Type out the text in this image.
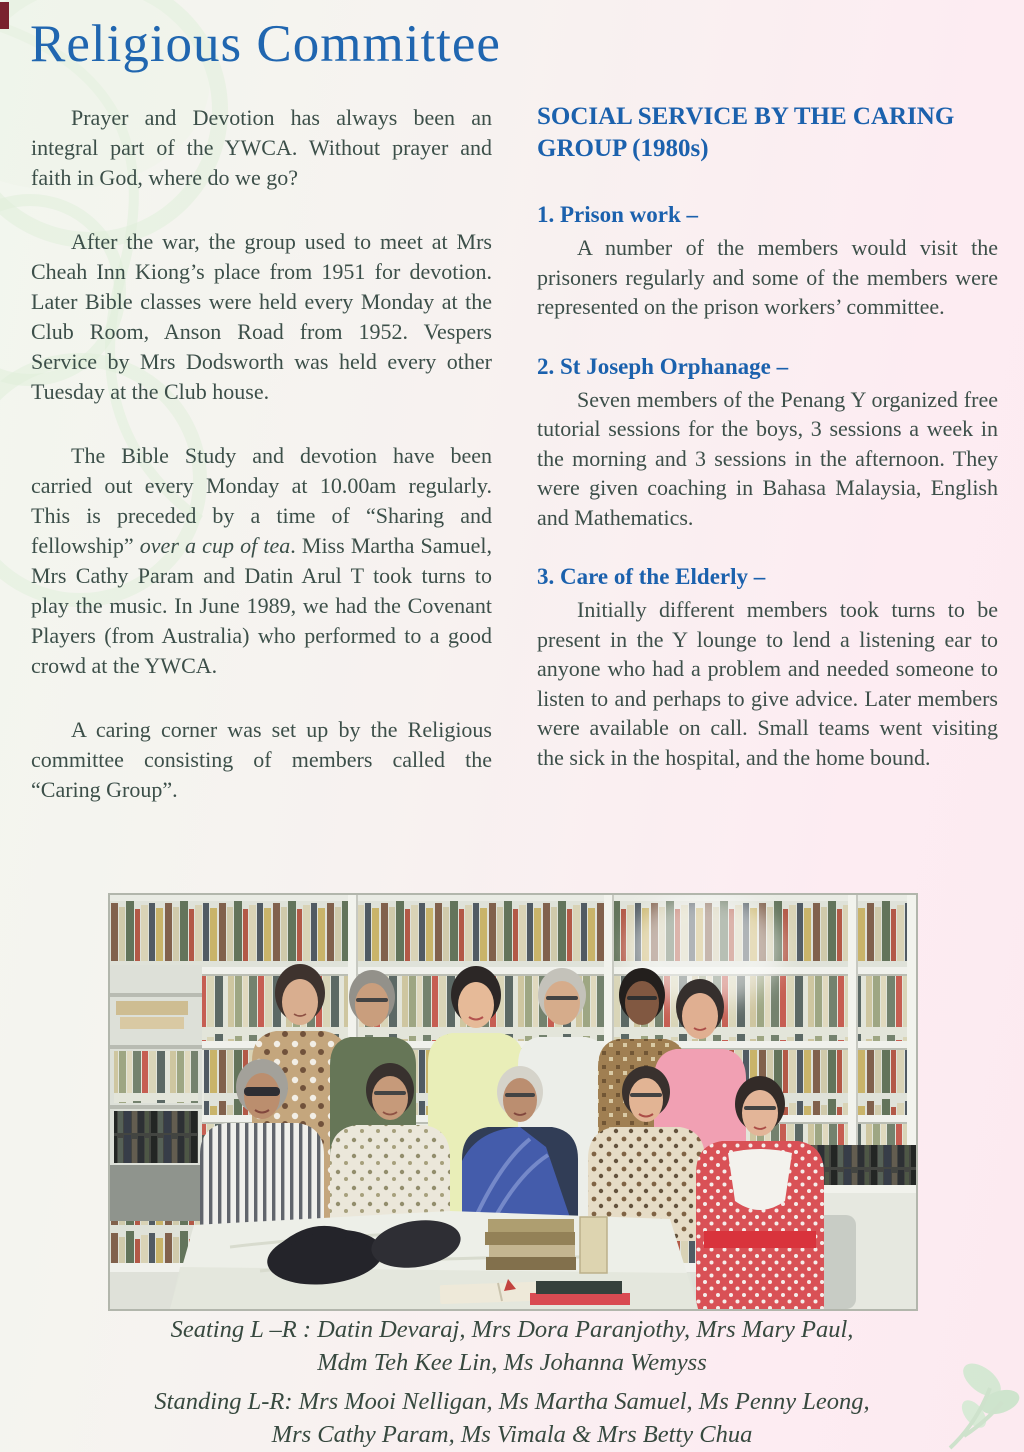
Religious Committee

Prayer and Devotion has always been an integral part of the YWCA. Without prayer and faith in God, where do we go?

After the war, the group used to meet at Mrs Cheah Inn Kiong’s place from 1951 for devotion. Later Bible classes were held every Monday at the Club Room, Anson Road from 1952. Vespers Service by Mrs Dodsworth was held every other Tuesday at the Club house.

The Bible Study and devotion have been carried out every Monday at 10.00am regularly. This is preceded by a time of “Sharing and fellowship” over a cup of tea. Miss Martha Samuel, Mrs Cathy Param and Datin Arul T took turns to play the music. In June 1989, we had the Covenant Players (from Australia) who performed to a good crowd at the YWCA.

A caring corner was set up by the Religious committee consisting of members called the “Caring Group”.

SOCIAL SERVICE BY THE CARING GROUP (1980s)
1. Prison work –

A number of the members would visit the prisoners regularly and some of the members were represented on the prison workers’ committee.

2. St Joseph Orphanage –

Seven members of the Penang Y organized free tutorial sessions for the boys, 3 sessions a week in the morning and 3 sessions in the afternoon. They were given coaching in Bahasa Malaysia, English and Mathematics.

3. Care of the Elderly –

Initially different members took turns to be present in the Y lounge to lend a listening ear to anyone who had a problem and needed someone to listen to and perhaps to give advice. Later members were available on call. Small teams went visiting the sick in the hospital, and the home bound.

Seating L –R : Datin Devaraj, Mrs Dora Paranjothy, Mrs Mary Paul,
Mdm Teh Kee Lin, Ms Johanna Wemyss
Standing L-R: Mrs Mooi Nelligan, Ms Martha Samuel, Ms Penny Leong,
Mrs Cathy Param, Ms Vimala & Mrs Betty Chua
